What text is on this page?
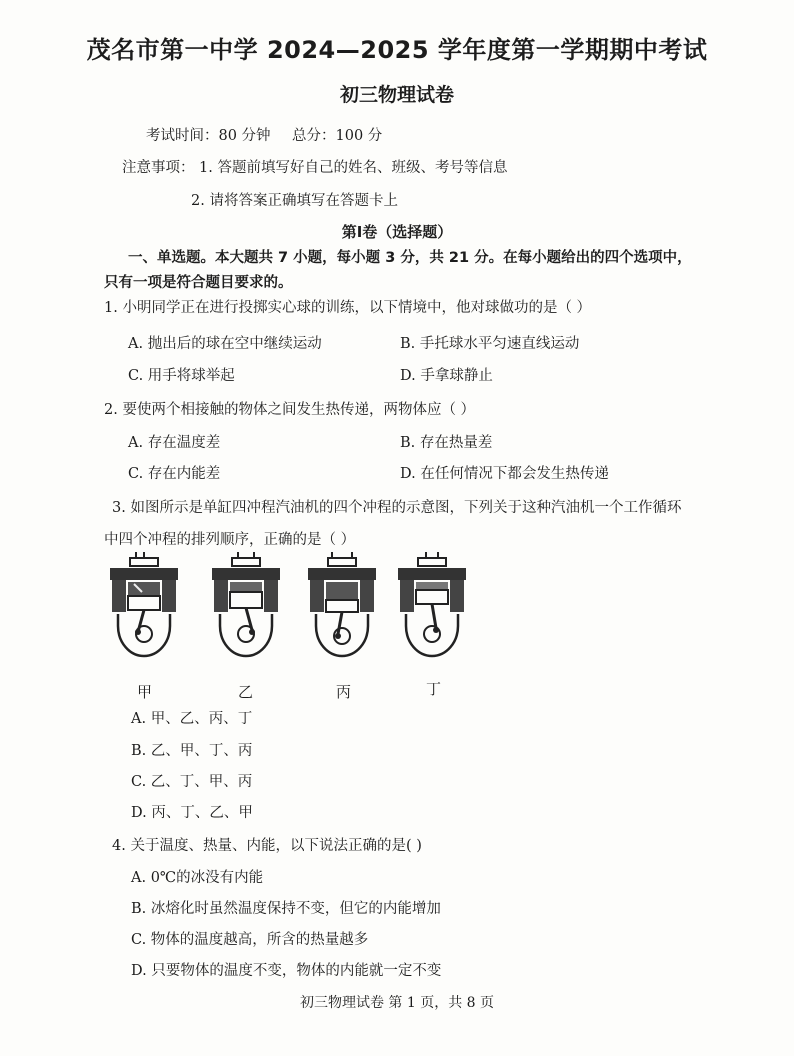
茂名市第一中学 2024—2025 学年度第一学期期中考试
初三物理试卷
考试时间：80 分钟 总分：100 分
注意事项： 1. 答题前填写好自己的姓名、班级、考号等信息
2. 请将答案正确填写在答题卡上
第Ⅰ卷（选择题）
一、单选题。本大题共 7 小题，每小题 3 分，共 21 分。在每小题给出的四个选项中，
只有一项是符合题目要求的。
1. 小明同学正在进行投掷实心球的训练，以下情境中，他对球做功的是（ ）
A. 抛出后的球在空中继续运动	B. 手托球水平匀速直线运动
C. 用手将球举起	D. 手拿球静止
2. 要使两个相接触的物体之间发生热传递，两物体应（ ）
A. 存在温度差	B. 存在热量差
C. 存在内能差	D. 在任何情况下都会发生热传递
3. 如图所示是单缸四冲程汽油机的四个冲程的示意图，下列关于这种汽油机一个工作循环
中四个冲程的排列顺序，正确的是（ ）
甲	乙	丙	丁
A. 甲、乙、丙、丁
B. 乙、甲、丁、丙
C. 乙、丁、甲、丙
D. 丙、丁、乙、甲
4. 关于温度、热量、内能，以下说法正确的是( )
A. 0℃的冰没有内能
B. 冰熔化时虽然温度保持不变，但它的内能增加
C. 物体的温度越高，所含的热量越多
D. 只要物体的温度不变，物体的内能就一定不变
初三物理试卷 第 1 页，共 8 页
